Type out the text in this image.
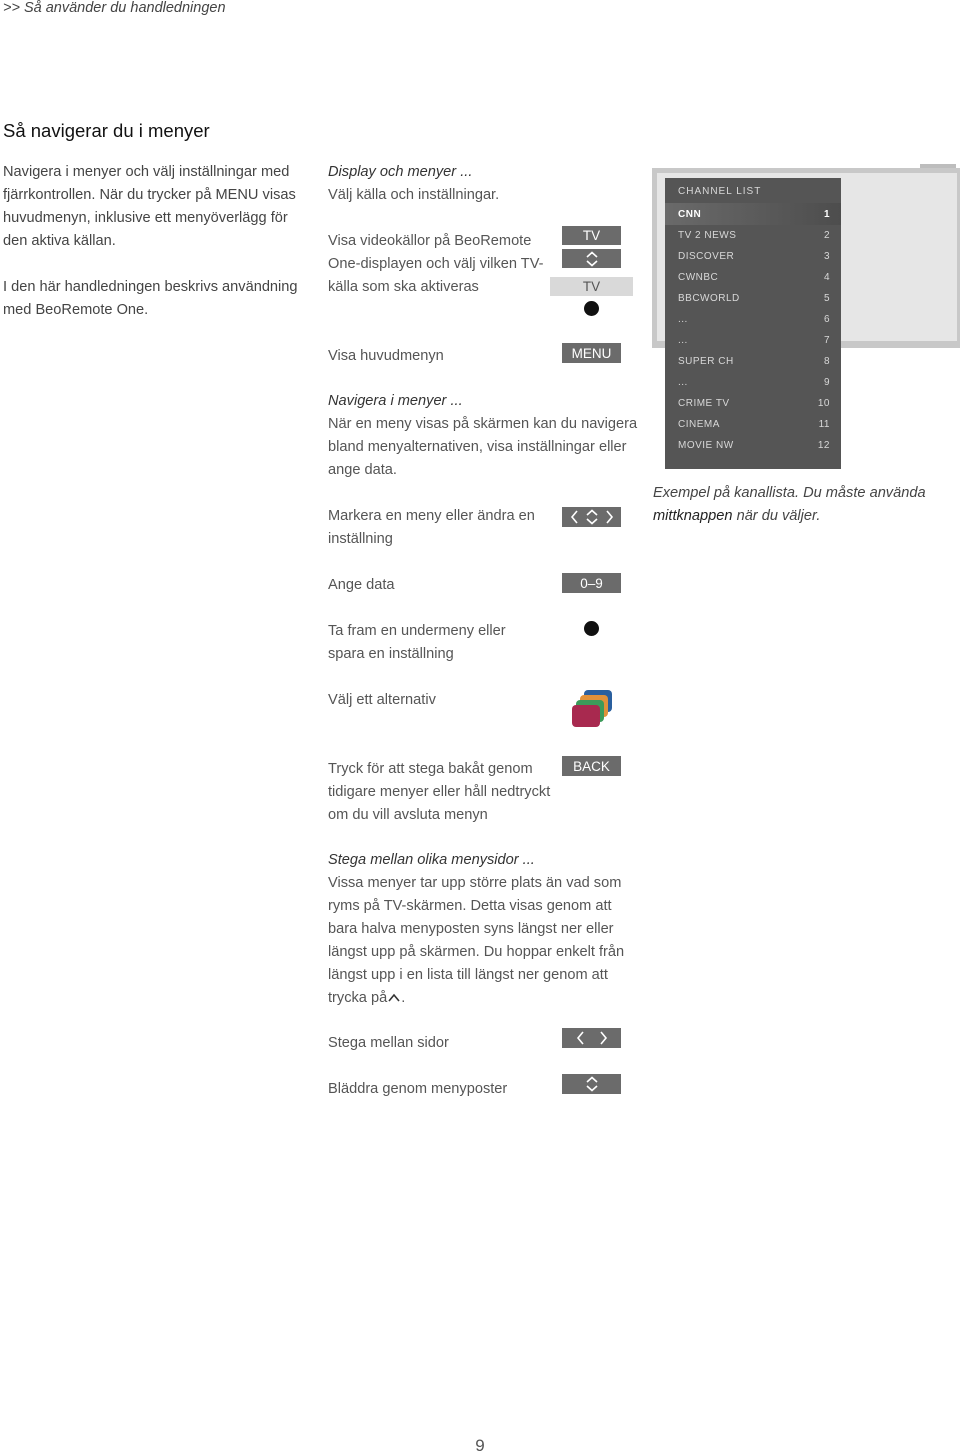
>> Så använder du handledningen
Så navigerar du i menyer

Navigera i menyer och välj inställningar med fjärrkontrollen. När du trycker på MENU visas huvudmenyn, inklusive ett menyöverlägg för den aktiva källan.

I den här handledningen beskrivs användning med BeoRemote One.

Display och menyer ...
Välj källa och inställningar.
Visa videokällor på BeoRemote One-displayen och välj vilken TV-källa som ska aktiveras
TV
TV
Visa huvudmenyn	MENU
Navigera i menyer ...
När en meny visas på skärmen kan du navigera bland menyalternativen, visa inställningar eller ange data.
Markera en meny eller ändra en inställning
Ange data	0–9
Ta fram en undermeny eller spara en inställning
Välj ett alternativ
Tryck för att stega bakåt genom tidigare menyer eller håll nedtryckt om du vill avsluta menyn
BACK
Stega mellan olika menysidor ...
Vissa menyer tar upp större plats än vad som ryms på TV-skärmen. Detta visas genom att bara halva menyposten syns längst ner eller längst upp på skärmen. Du hoppar enkelt från längst upp i en lista till längst ner genom att trycka på .
Stega mellan sidor
Bläddra genom menyposter
CHANNEL LIST
CNN	1
TV 2 NEWS	2
DISCOVER	3
CWNBC	4
BBCWORLD	5
...	6
...	7
SUPER CH	8
...	9
CRIME TV	10
CINEMA	11
MOVIE NW	12
Exempel på kanallista. Du måste använda mittknappen när du väljer.
9
